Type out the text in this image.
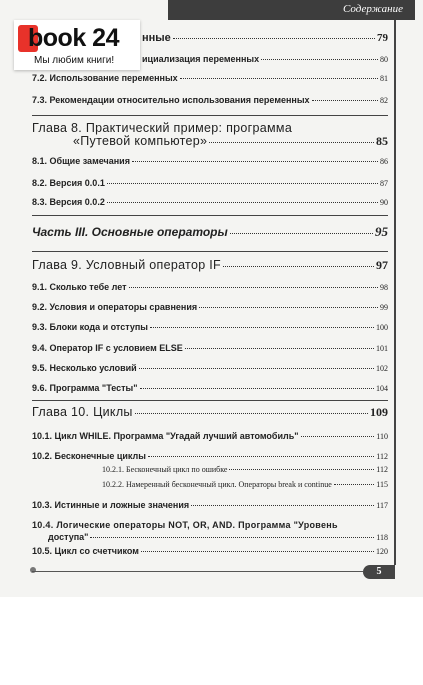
Содержание
book 24
Мы любим книги!
нные	79
ициализация переменных	80
7.2. Использование переменных	81
7.3. Рекомендации относительно использования переменных	82
Глава 8. Практический пример: программа
«Путевой компьютер»	85
8.1. Общие замечания	86
8.2. Версия 0.0.1	87
8.3. Версия 0.0.2	90
Часть III. Основные операторы	95
Глава 9. Условный оператор IF	97
9.1. Сколько тебе лет	98
9.2. Условия и операторы сравнения	99
9.3. Блоки кода и отступы	100
9.4. Оператор IF с условием ELSE	101
9.5. Несколько условий	102
9.6. Программа "Тесты"	104
Глава 10. Циклы	109
10.1. Цикл WHILE. Программа "Угадай лучший автомобиль"	110
10.2. Бесконечные циклы	112
10.2.1. Бесконечный цикл по ошибке	112
10.2.2. Намеренный бесконечный цикл. Операторы break и continue	115
10.3. Истинные и ложные значения	117
10.4. Логические операторы NOT, OR, AND. Программа "Уровень
доступа"	118
10.5. Цикл со счетчиком	120
5
